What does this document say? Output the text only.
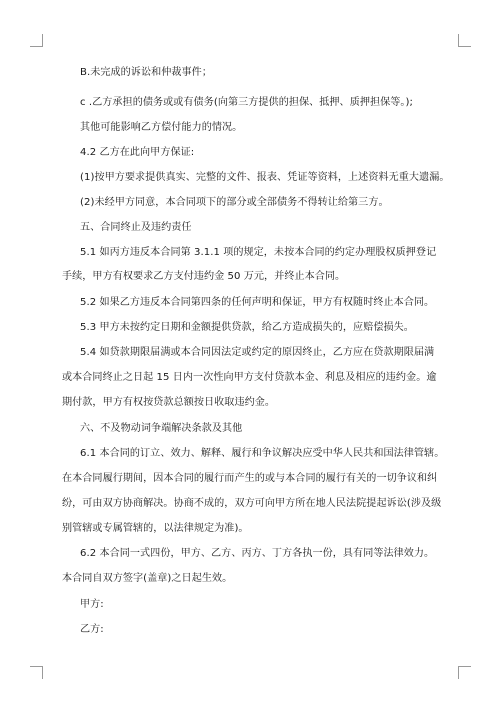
B.未完成的诉讼和仲裁事件；
c .乙方承担的债务或或有债务(向第三方提供的担保、抵押、质押担保等。);
其他可能影响乙方偿付能力的情况。
4.2 乙方在此向甲方保证:
(1)按甲方要求提供真实、完整的文件、报表、凭证等资料，上述资料无重大遗漏。
(2)未经甲方同意，本合同项下的部分或全部债务不得转让给第三方。
五、合同终止及违约责任
5.1 如丙方违反本合同第 3.1.1 项的规定，未按本合同的约定办理股权质押登记
手续，甲方有权要求乙方支付违约金 50 万元，并终止本合同。
5.2 如果乙方违反本合同第四条的任何声明和保证，甲方有权随时终止本合同。
5.3 甲方未按约定日期和金额提供贷款，给乙方造成损失的，应赔偿损失。
5.4 如贷款期限届满或本合同因法定或约定的原因终止，乙方应在贷款期限届满
或本合同终止之日起 15 日内一次性向甲方支付贷款本金、利息及相应的违约金。逾
期付款，甲方有权按贷款总额按日收取违约金。
六、不及物动词争端解决条款及其他
6.1 本合同的订立、效力、解释、履行和争议解决应受中华人民共和国法律管辖。
在本合同履行期间，因本合同的履行而产生的或与本合同的履行有关的一切争议和纠
纷，可由双方协商解决。协商不成的，双方可向甲方所在地人民法院提起诉讼(涉及级
别管辖或专属管辖的，以法律规定为准)。
6.2 本合同一式四份，甲方、乙方、丙方、丁方各执一份，具有同等法律效力。
本合同自双方签字(盖章)之日起生效。
甲方:
乙方:
